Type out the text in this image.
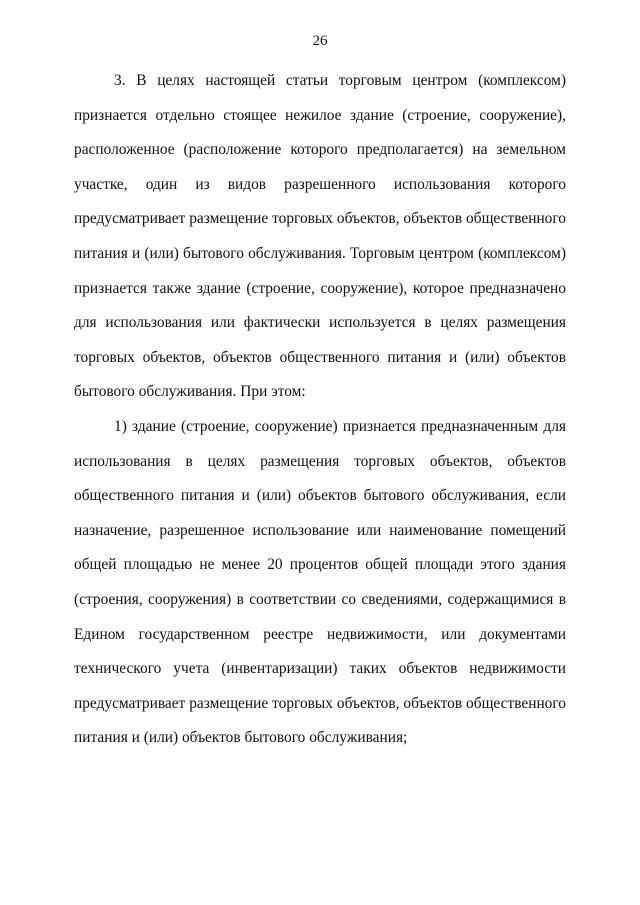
26

3. В целях настоящей статьи торговым центром (комплексом) признается отдельно стоящее нежилое здание (строение, сооружение), расположенное (расположение которого предполагается) на земельном участке, один из видов разрешенного использования которого предусматривает размещение торговых объектов, объектов общественного питания и (или) бытового обслуживания. Торговым центром (комплексом) признается также здание (строение, сооружение), которое предназначено для использования или фактически используется в целях размещения торговых объектов, объектов общественного питания и (или) объектов бытового обслуживания. При этом:

1) здание (строение, сооружение) признается предназначенным для использования в целях размещения торговых объектов, объектов общественного питания и (или) объектов бытового обслуживания, если назначение, разрешенное использование или наименование помещений общей площадью не менее 20 процентов общей площади этого здания (строения, сооружения) в соответствии со сведениями, содержащимися в Едином государственном реестре недвижимости, или документами технического учета (инвентаризации) таких объектов недвижимости предусматривает размещение торговых объектов, объектов общественного питания и (или) объектов бытового обслуживания;
